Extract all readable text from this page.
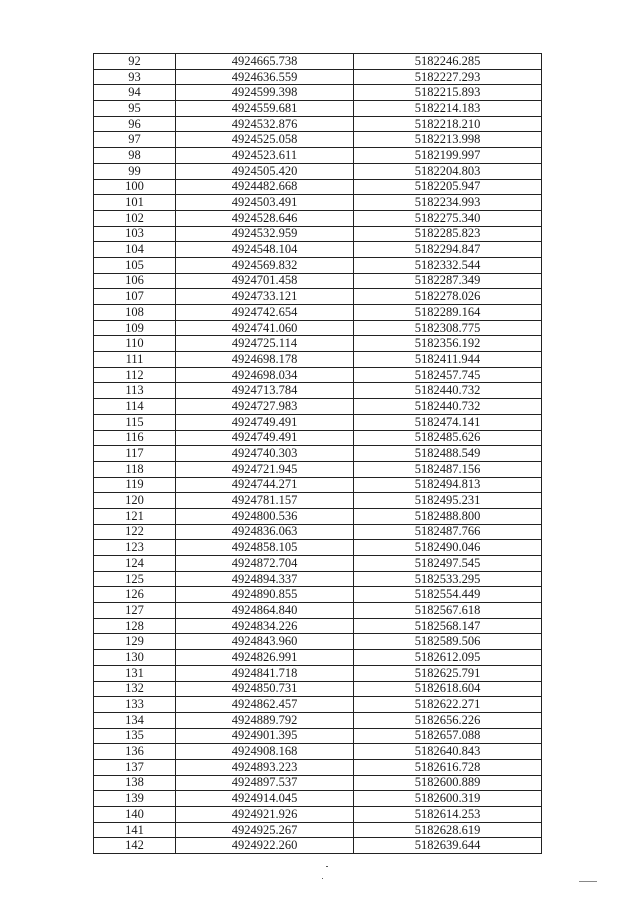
92	4924665.738	5182246.285
93	4924636.559	5182227.293
94	4924599.398	5182215.893
95	4924559.681	5182214.183
96	4924532.876	5182218.210
97	4924525.058	5182213.998
98	4924523.611	5182199.997
99	4924505.420	5182204.803
100	4924482.668	5182205.947
101	4924503.491	5182234.993
102	4924528.646	5182275.340
103	4924532.959	5182285.823
104	4924548.104	5182294.847
105	4924569.832	5182332.544
106	4924701.458	5182287.349
107	4924733.121	5182278.026
108	4924742.654	5182289.164
109	4924741.060	5182308.775
110	4924725.114	5182356.192
111	4924698.178	5182411.944
112	4924698.034	5182457.745
113	4924713.784	5182440.732
114	4924727.983	5182440.732
115	4924749.491	5182474.141
116	4924749.491	5182485.626
117	4924740.303	5182488.549
118	4924721.945	5182487.156
119	4924744.271	5182494.813
120	4924781.157	5182495.231
121	4924800.536	5182488.800
122	4924836.063	5182487.766
123	4924858.105	5182490.046
124	4924872.704	5182497.545
125	4924894.337	5182533.295
126	4924890.855	5182554.449
127	4924864.840	5182567.618
128	4924834.226	5182568.147
129	4924843.960	5182589.506
130	4924826.991	5182612.095
131	4924841.718	5182625.791
132	4924850.731	5182618.604
133	4924862.457	5182622.271
134	4924889.792	5182656.226
135	4924901.395	5182657.088
136	4924908.168	5182640.843
137	4924893.223	5182616.728
138	4924897.537	5182600.889
139	4924914.045	5182600.319
140	4924921.926	5182614.253
141	4924925.267	5182628.619
142	4924922.260	5182639.644
